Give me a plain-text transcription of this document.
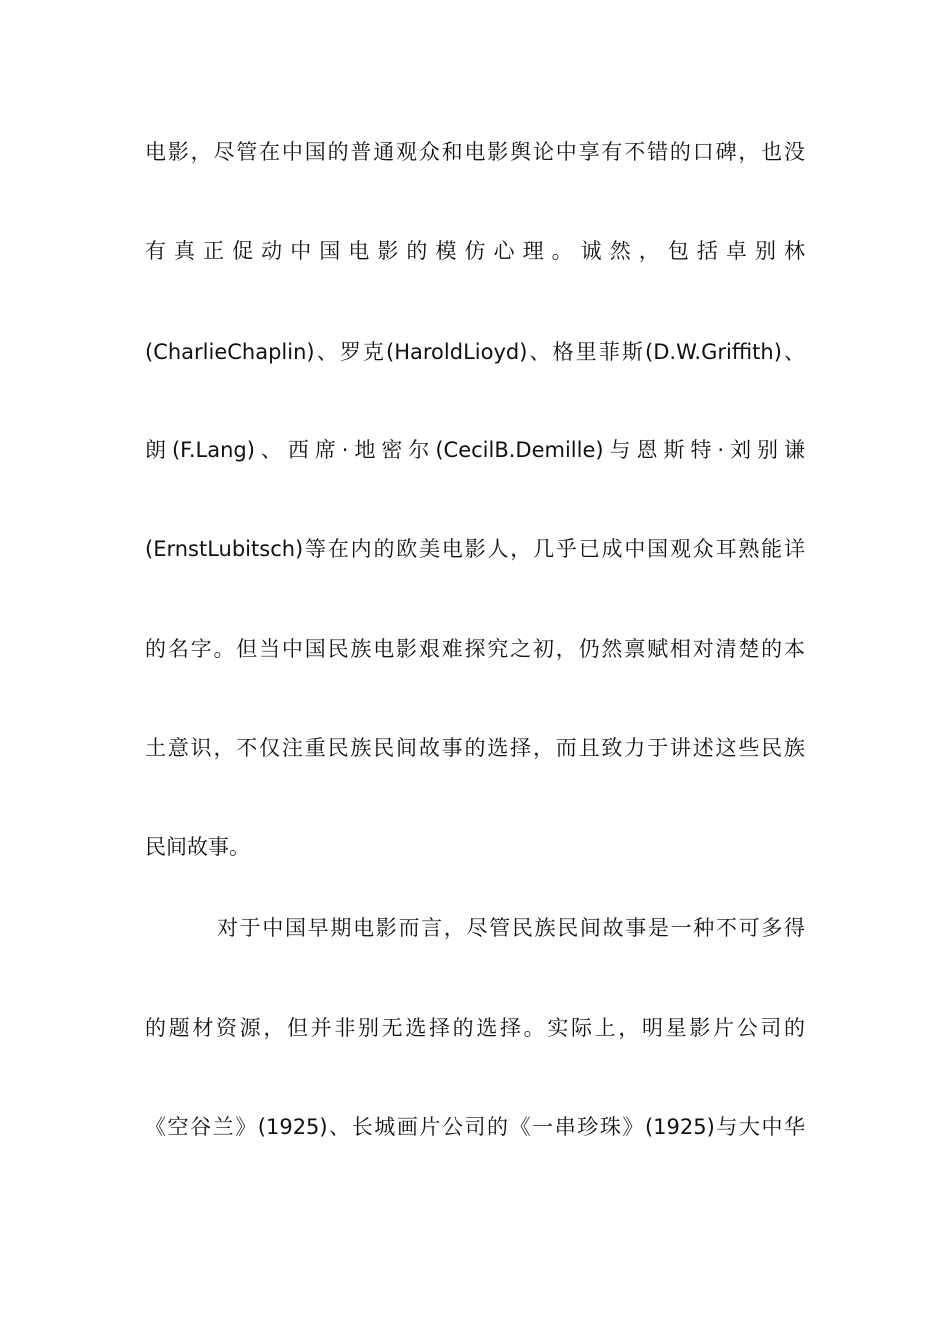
电影，尽管在中国的普通观众和电影舆论中享有不错的口碑，也没
有真正促动中国电影的模仿心理。诚然，包括卓别林
(CharlieChaplin)、罗克(HaroldLioyd)、格里菲斯(D.W.Griffith)、
朗(F.Lang)、西席·地密尔(CecilB.Demille)与恩斯特·刘别谦
(ErnstLubitsch)等在内的欧美电影人，几乎已成中国观众耳熟能详
的名字。但当中国民族电影艰难探究之初，仍然禀赋相对清楚的本
土意识，不仅注重民族民间故事的选择，而且致力于讲述这些民族
民间故事。
对于中国早期电影而言，尽管民族民间故事是一种不可多得
的题材资源，但并非别无选择的选择。实际上，明星影片公司的
《空谷兰》(1925)、长城画片公司的《一串珍珠》(1925)与大中华
